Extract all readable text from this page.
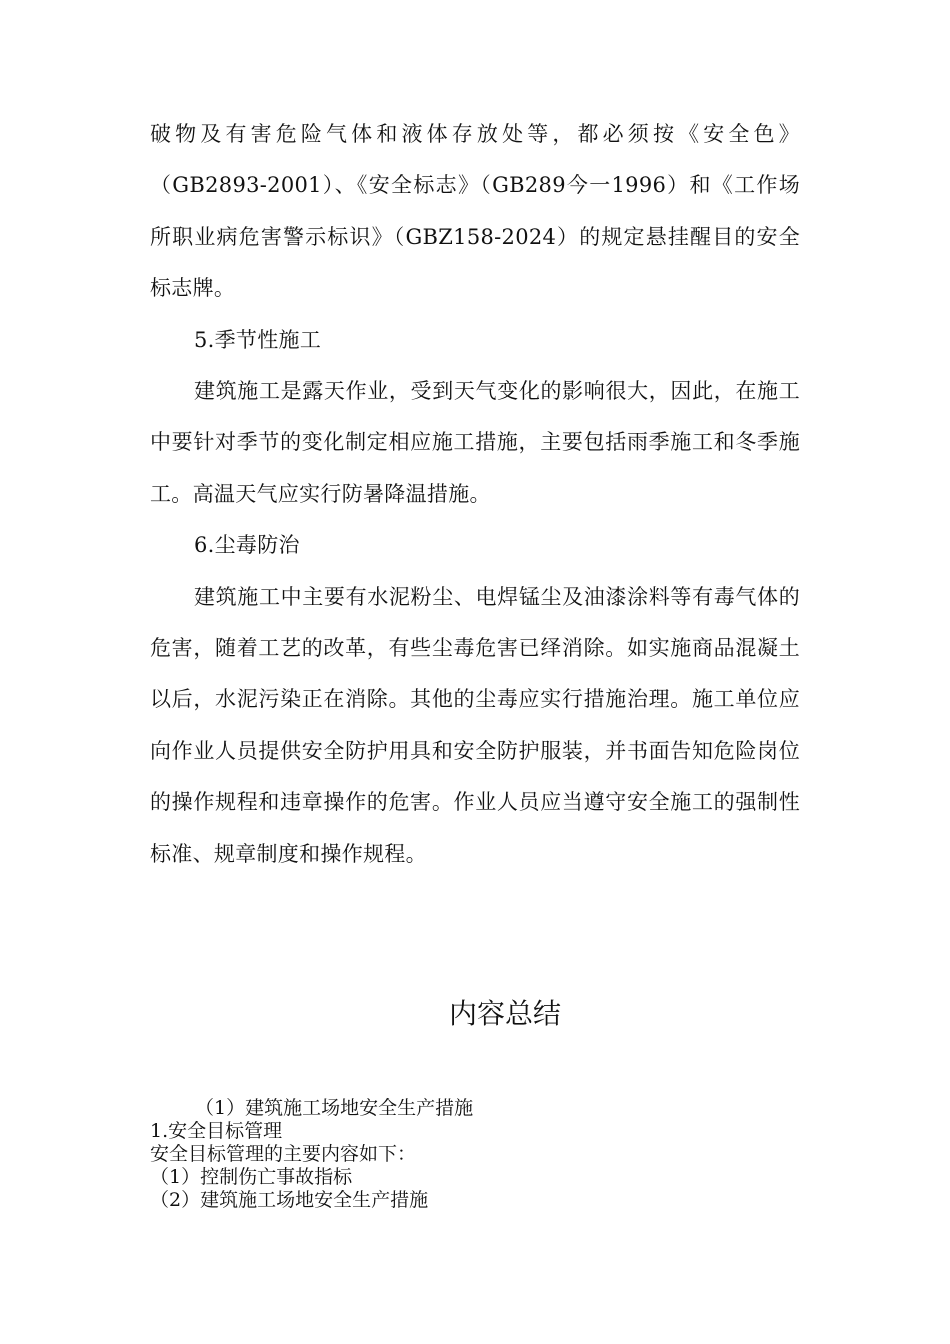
破物及有害危险气体和液体存放处等，都必须按《安全色》（GB2893-2001）、《安全标志》（GB289今一1996）和《工作场所职业病危害警示标识》（GBZ158-2024）的规定悬挂醒目的安全标志牌。

5.季节性施工

建筑施工是露天作业，受到天气变化的影响很大，因此，在施工中要针对季节的变化制定相应施工措施，主要包括雨季施工和冬季施工。高温天气应实行防暑降温措施。

6.尘毒防治

建筑施工中主要有水泥粉尘、电焊锰尘及油漆涂料等有毒气体的危害，随着工艺的改革，有些尘毒危害已绎消除。如实施商品混凝土以后，水泥污染正在消除。其他的尘毒应实行措施治理。施工单位应向作业人员提供安全防护用具和安全防护服装，并书面告知危险岗位的操作规程和违章操作的危害。作业人员应当遵守安全施工的强制性标准、规章制度和操作规程。

内容总结
（1）建筑施工场地安全生产措施
1.安全目标管理
安全目标管理的主要内容如下：
（1）控制伤亡事故指标
（2）建筑施工场地安全生产措施
